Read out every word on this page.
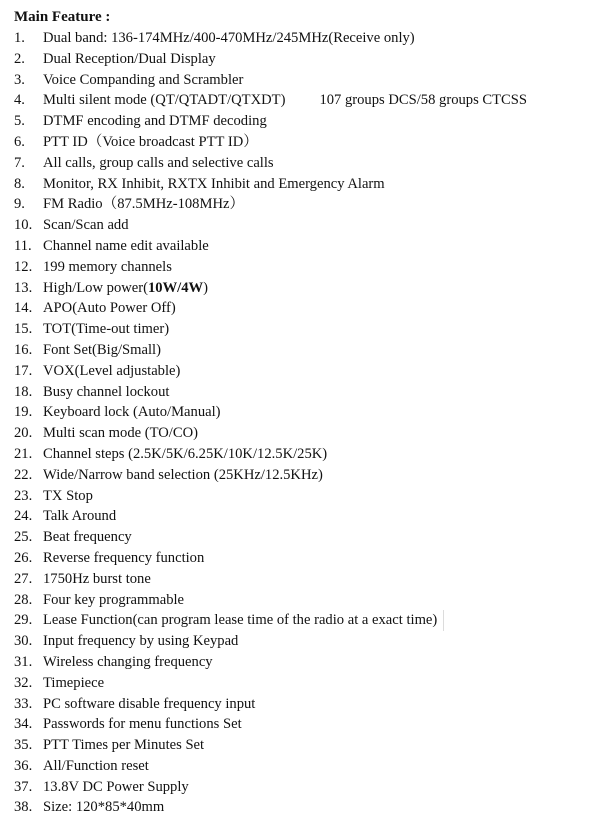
Main Feature :
1. Dual band: 136-174MHz/400-470MHz/245MHz(Receive only)
2. Dual Reception/Dual Display
3. Voice Companding and Scrambler
4. Multi silent mode (QT/QTADT/QTXDT) 107 groups DCS/58 groups CTCSS
5. DTMF encoding and DTMF decoding
6. PTT ID（Voice broadcast PTT ID）
7. All calls, group calls and selective calls
8. Monitor, RX Inhibit, RXTX Inhibit and Emergency Alarm
9. FM Radio（87.5MHz-108MHz）
10. Scan/Scan add
11. Channel name edit available
12. 199 memory channels
13. High/Low power(10W/4W)
14. APO(Auto Power Off)
15. TOT(Time-out timer)
16. Font Set(Big/Small)
17. VOX(Level adjustable)
18. Busy channel lockout
19. Keyboard lock (Auto/Manual)
20. Multi scan mode (TO/CO)
21. Channel steps (2.5K/5K/6.25K/10K/12.5K/25K)
22. Wide/Narrow band selection (25KHz/12.5KHz)
23. TX Stop
24. Talk Around
25. Beat frequency
26. Reverse frequency function
27. 1750Hz burst tone
28. Four key programmable
29. Lease Function(can program lease time of the radio at a exact time)
30. Input frequency by using Keypad
31. Wireless changing frequency
32. Timepiece
33. PC software disable frequency input
34. Passwords for menu functions Set
35. PTT Times per Minutes Set
36. All/Function reset
37. 13.8V DC Power Supply
38. Size: 120*85*40mm
